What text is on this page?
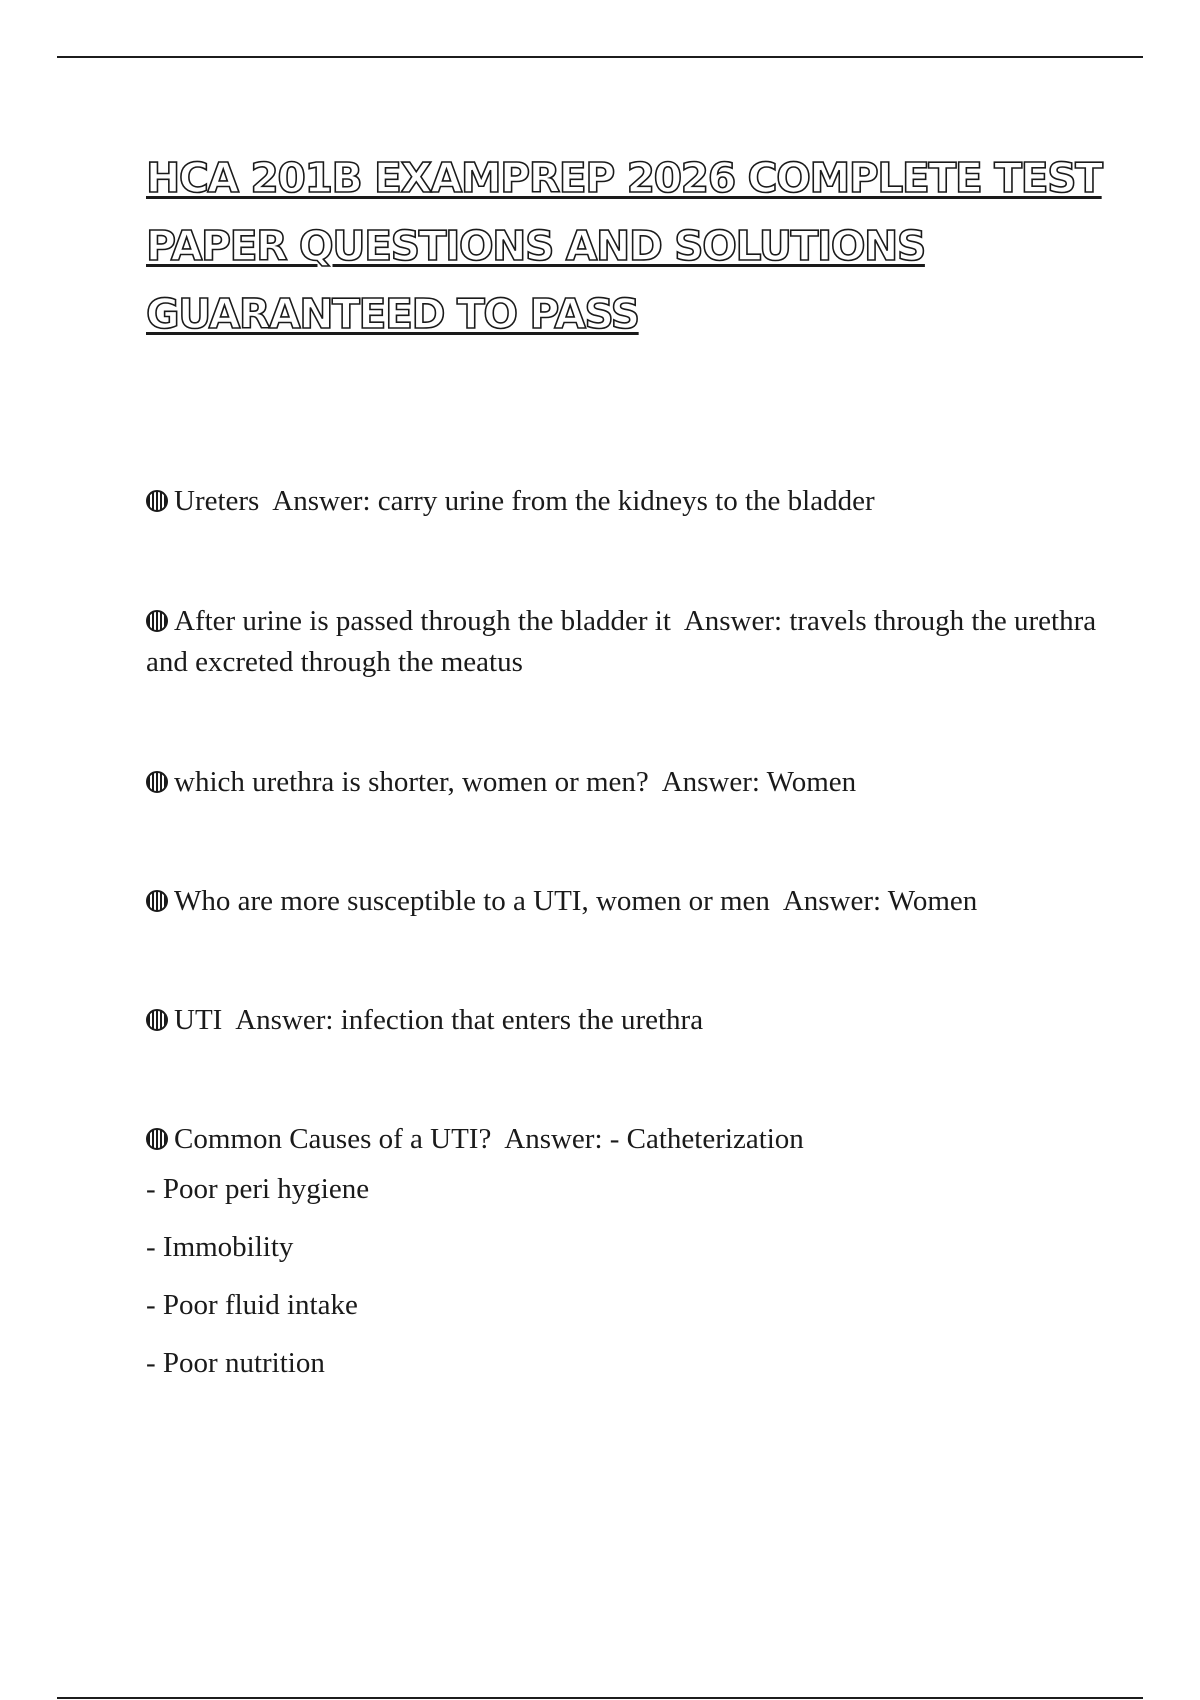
HCA 201B EXAMPREP 2026 COMPLETE TEST
PAPER QUESTIONS AND SOLUTIONS
GUARANTEED TO PASS
Ureters Answer: carry urine from the kidneys to the bladder
After urine is passed through the bladder it Answer: travels through the urethra and excreted through the meatus
which urethra is shorter, women or men? Answer: Women
Who are more susceptible to a UTI, women or men Answer: Women
UTI Answer: infection that enters the urethra
Common Causes of a UTI? Answer: - Catheterization
- Poor peri hygiene
- Immobility
- Poor fluid intake
- Poor nutrition
